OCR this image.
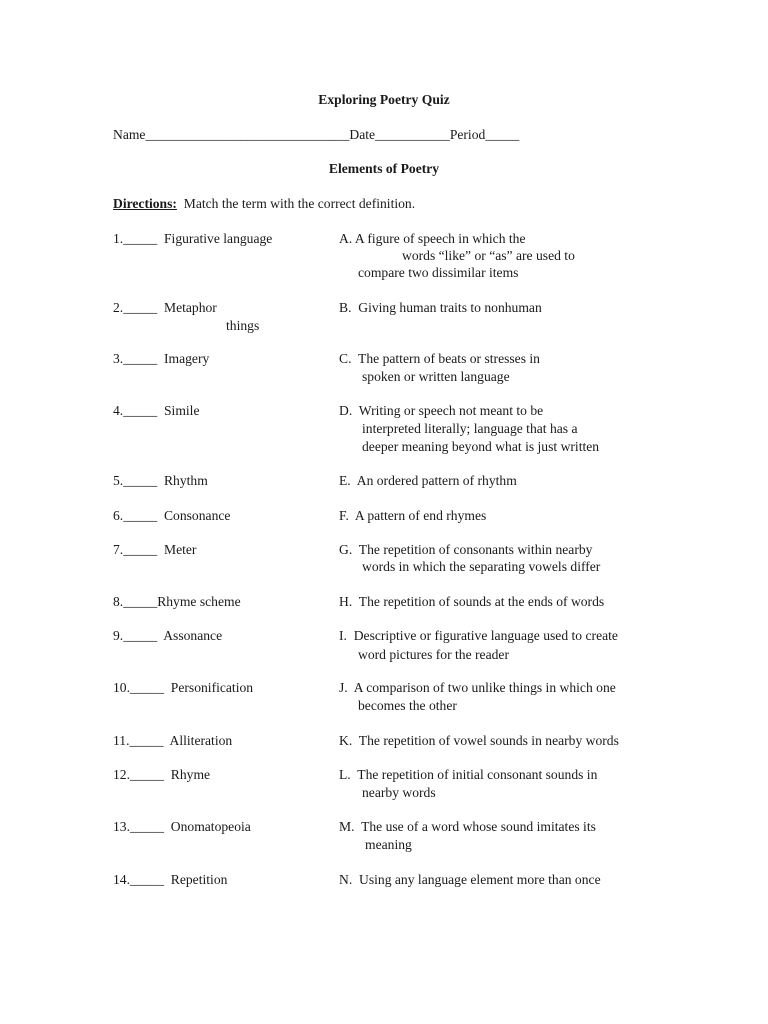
Exploring Poetry Quiz
Name______________________________Date___________Period_____
Elements of Poetry
Directions: Match the term with the correct definition.
1._____ Figurative language
2._____ Metaphor
3._____ Imagery
4._____ Simile
5._____ Rhythm
6._____ Consonance
7._____ Meter
8._____Rhyme scheme
9._____ Assonance
10._____ Personification
11._____ Alliteration
12._____ Rhyme
13._____ Onomatopeoia
14._____ Repetition
A. A figure of speech in which the
words “like” or “as” are used to
compare two dissimilar items
B. Giving human traits to nonhuman
things
C. The pattern of beats or stresses in
spoken or written language
D. Writing or speech not meant to be
interpreted literally; language that has a
deeper meaning beyond what is just written
E. An ordered pattern of rhythm
F. A pattern of end rhymes
G. The repetition of consonants within nearby
words in which the separating vowels differ
H. The repetition of sounds at the ends of words
I. Descriptive or figurative language used to create
word pictures for the reader
J. A comparison of two unlike things in which one
becomes the other
K. The repetition of vowel sounds in nearby words
L. The repetition of initial consonant sounds in
nearby words
M. The use of a word whose sound imitates its
meaning
N. Using any language element more than once
